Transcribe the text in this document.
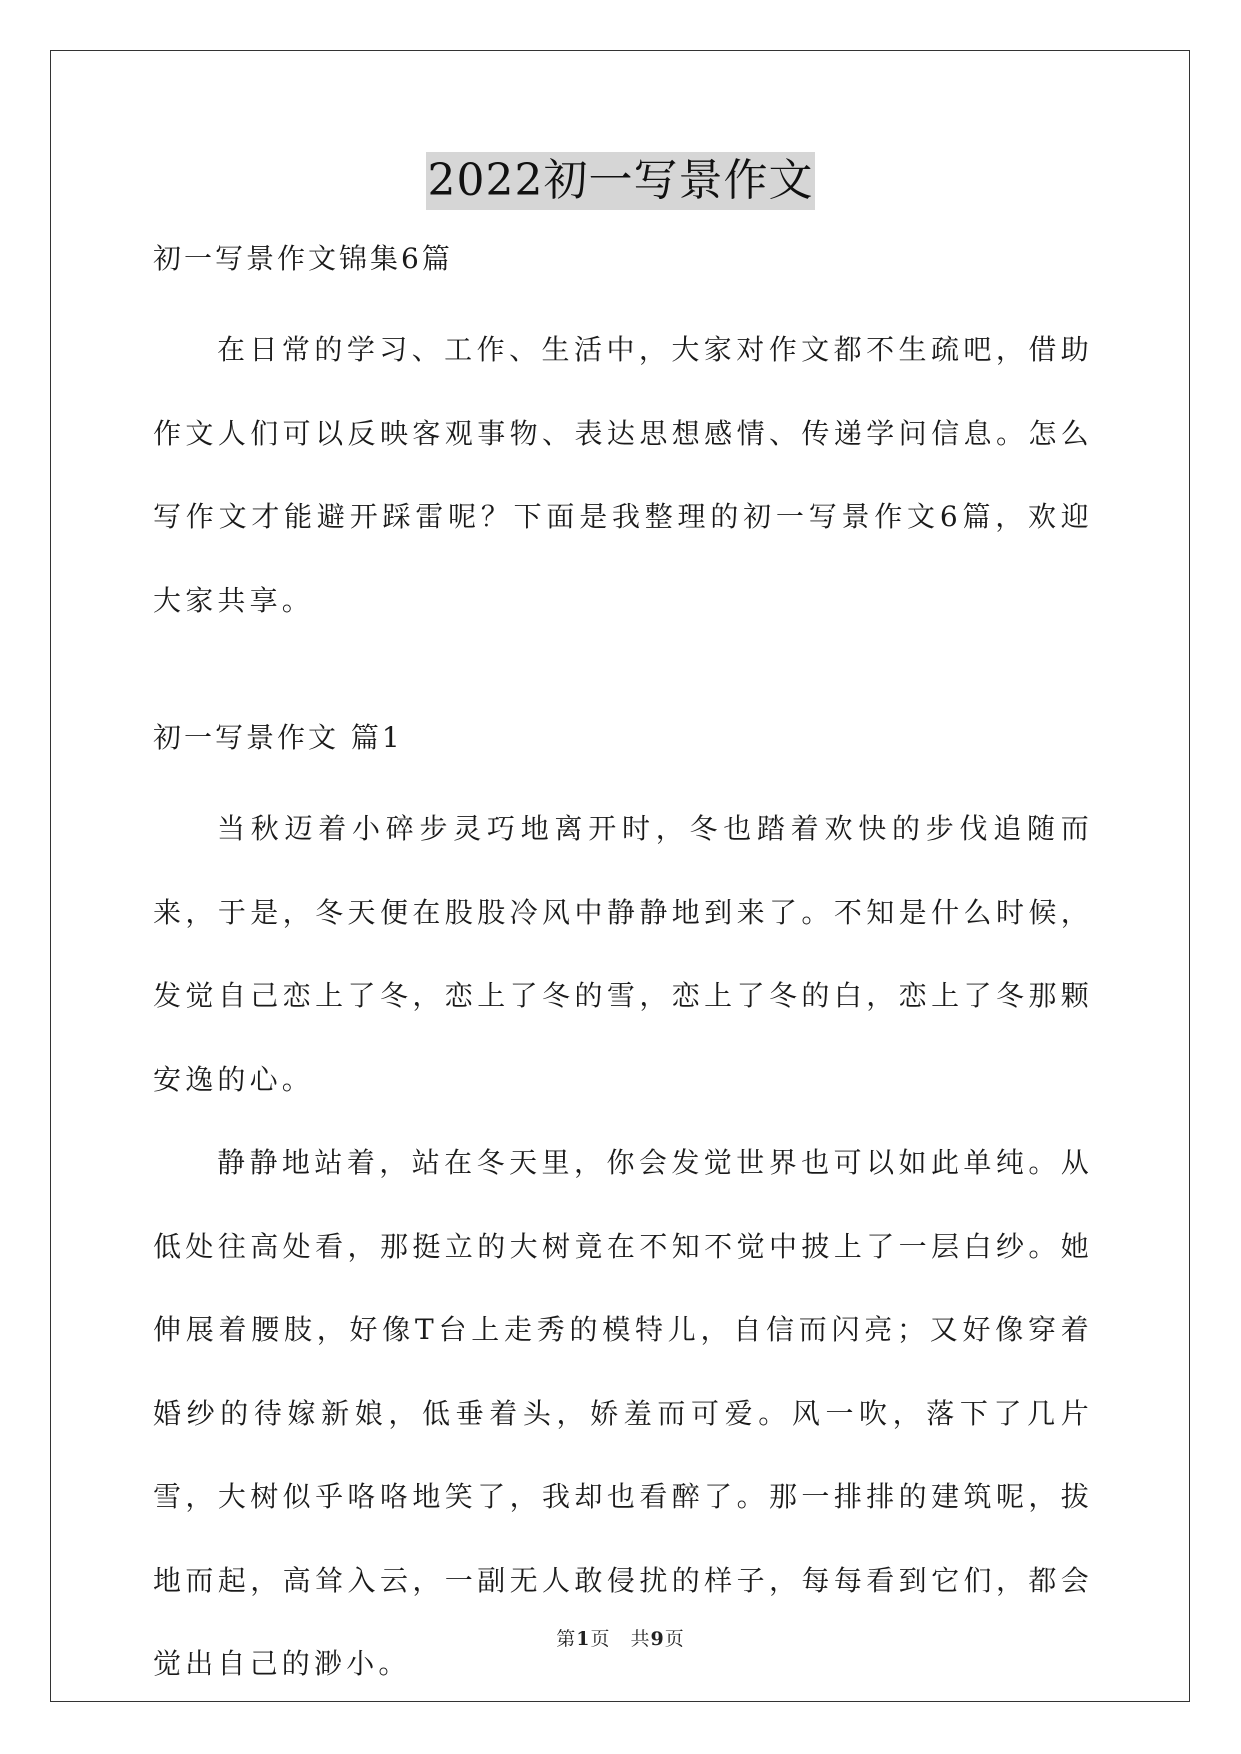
2022初一写景作文

初一写景作文锦集6篇

在日常的学习、工作、生活中，大家对作文都不生疏吧，借助作文人们可以反映客观事物、表达思想感情、传递学问信息。怎么写作文才能避开踩雷呢？下面是我整理的初一写景作文6篇，欢迎大家共享。

初一写景作文 篇1

当秋迈着小碎步灵巧地离开时，冬也踏着欢快的步伐追随而来，于是，冬天便在股股冷风中静静地到来了。不知是什么时候，发觉自己恋上了冬，恋上了冬的雪，恋上了冬的白，恋上了冬那颗安逸的心。

静静地站着，站在冬天里，你会发觉世界也可以如此单纯。从低处往高处看，那挺立的大树竟在不知不觉中披上了一层白纱。她伸展着腰肢，好像T台上走秀的模特儿，自信而闪亮；又好像穿着婚纱的待嫁新娘，低垂着头，娇羞而可爱。风一吹，落下了几片雪，大树似乎咯咯地笑了，我却也看醉了。那一排排的建筑呢，拔地而起，高耸入云，一副无人敢侵扰的样子，每每看到它们，都会觉出自己的渺小。

第1页　共9页
